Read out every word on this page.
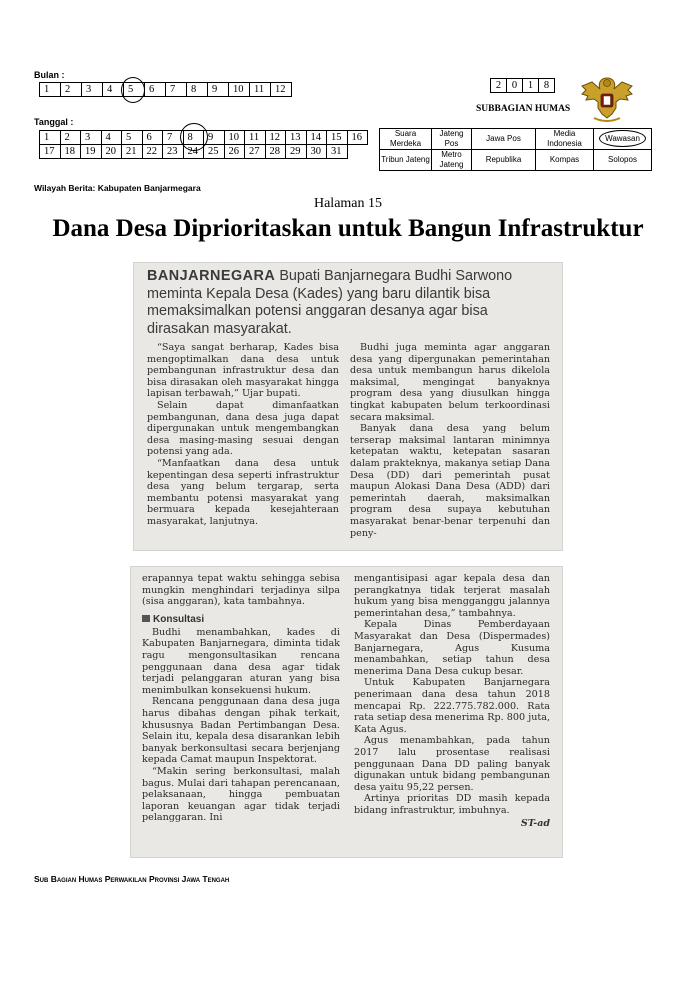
Bulan :
1	2	3	4	5	6	7	8	9	10	11	12
Tanggal :
1	2	3	4	5	6	7	8	9	10	11	12	13	14	15	16
17	18	19	20	21	22	23	24	25	26	27	28	29	30	31	
Wilayah Berita: Kabupaten Banjarmegara
2	0	1	8
SUBBAGIAN HUMAS
Suara Merdeka	Jateng Pos	Jawa Pos	Media Indonesia	Wawasan
Tribun Jateng	Metro Jateng	Republika	Kompas	Solopos
Halaman 15
Dana Desa Diprioritaskan untuk Bangun Infrastruktur
BANJARNEGARA Bupati Banjarnegara Budhi Sarwono meminta Kepala Desa (Kades) yang baru dilantik bisa memaksimalkan potensi anggaran desanya agar bisa dirasakan masyarakat.

“Saya sangat berharap, Kades bisa mengoptimalkan dana desa untuk pembangunan infrastruktur desa dan bisa dirasakan oleh masyarakat hingga lapisan terbawah,” Ujar bupati.

Selain dapat dimanfaatkan pembangunan, dana desa juga dapat dipergunakan untuk mengembangkan desa masing-masing sesuai dengan potensi yang ada.

“Manfaatkan dana desa untuk kepentingan desa seperti infrastruktur desa yang belum tergarap, serta membantu potensi masyarakat yang bermuara kepada kesejahteraan masyarakat, lanjutnya.

Budhi juga meminta agar anggaran desa yang dipergunakan pemerintahan desa untuk membangun harus dikelola maksimal, mengingat banyaknya program desa yang diusulkan hingga tingkat kabupaten belum terkoordinasi secara maksimal.

Banyak dana desa yang belum terserap maksimal lantaran minimnya ketepatan waktu, ketepatan sasaran dalam prakteknya, makanya setiap Dana Desa (DD) dari pemerintah pusat maupun Alokasi Dana Desa (ADD) dari pemerintah daerah, maksimalkan program desa supaya kebutuhan masyarakat benar-benar terpenuhi dan peny-

erapannya tepat waktu sehingga sebisa mungkin menghindari terjadinya silpa (sisa anggaran), kata tambahnya.

Konsultasi

Budhi menambahkan, kades di Kabupaten Banjarnegara, diminta tidak ragu mengonsultasikan rencana penggunaan dana desa agar tidak terjadi pelanggaran aturan yang bisa menimbulkan konsekuensi hukum.

Rencana penggunaan dana desa juga harus dibahas dengan pihak terkait, khususnya Badan Pertimbangan Desa. Selain itu, kepala desa disarankan lebih banyak berkonsultasi secara berjenjang kepada Camat maupun Inspektorat.

“Makin sering berkonsultasi, malah bagus. Mulai dari tahapan perencanaan, pelaksanaan, hingga pembuatan laporan keuangan agar tidak terjadi pelanggaran. Ini

mengantisipasi agar kepala desa dan perangkatnya tidak terjerat masalah hukum yang bisa mengganggu jalannya pemerintahan desa,” tambahnya.

Kepala Dinas Pemberdayaan Masyarakat dan Desa (Dispermades) Banjarnegara, Agus Kusuma menambahkan, setiap tahun desa menerima Dana Desa cukup besar.

Untuk Kabupaten Banjarnegara penerimaan dana desa tahun 2018 mencapai Rp. 222.775.782.000. Rata rata setiap desa menerima Rp. 800 juta, Kata Agus.

Agus menambahkan, pada tahun 2017 lalu prosentase realisasi penggunaan Dana DD paling banyak digunakan untuk bidang pembangunan desa yaitu 95,22 persen.

Artinya prioritas DD masih kepada bidang infrastruktur, imbuhnya.

ST-ad
Sub Bagian Humas Perwakilan Provinsi Jawa Tengah
